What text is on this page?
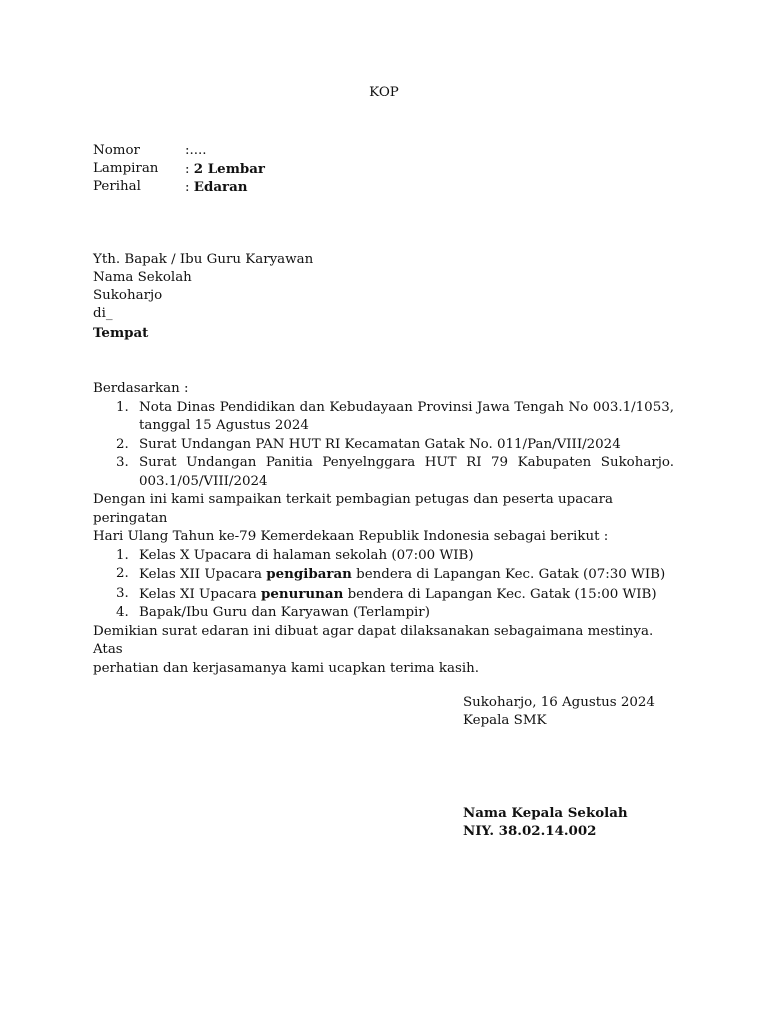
KOP
Nomor	:....
Lampiran : 2 Lembar
Perihal	: Edaran
Yth. Bapak / Ibu Guru Karyawan
Nama Sekolah
Sukoharjo
di_
Tempat

Berdasarkan :

1. Nota Dinas Pendidikan dan Kebudayaan Provinsi Jawa Tengah No 003.1/1053,

tanggal 15 Agustus 2024

2. Surat Undangan PAN HUT RI Kecamatan Gatak No. 011/Pan/VIII/2024

3. Surat Undangan Panitia Penyelnggara HUT RI 79 Kabupaten Sukoharjo.

003.1/05/VIII/2024

Dengan ini kami sampaikan terkait pembagian petugas dan peserta upacara peringatan

Hari Ulang Tahun ke-79 Kemerdekaan Republik Indonesia sebagai berikut :

1. Kelas X Upacara di halaman sekolah (07:00 WIB)

2. Kelas XII Upacara pengibaran bendera di Lapangan Kec. Gatak (07:30 WIB)

3. Kelas XI Upacara penurunan bendera di Lapangan Kec. Gatak (15:00 WIB)

4. Bapak/Ibu Guru dan Karyawan (Terlampir)

Demikian surat edaran ini dibuat agar dapat dilaksanakan sebagaimana mestinya. Atas

perhatian dan kerjasamanya kami ucapkan terima kasih.

Sukoharjo, 16 Agustus 2024
Kepala SMK
Nama Kepala Sekolah
NIY. 38.02.14.002
